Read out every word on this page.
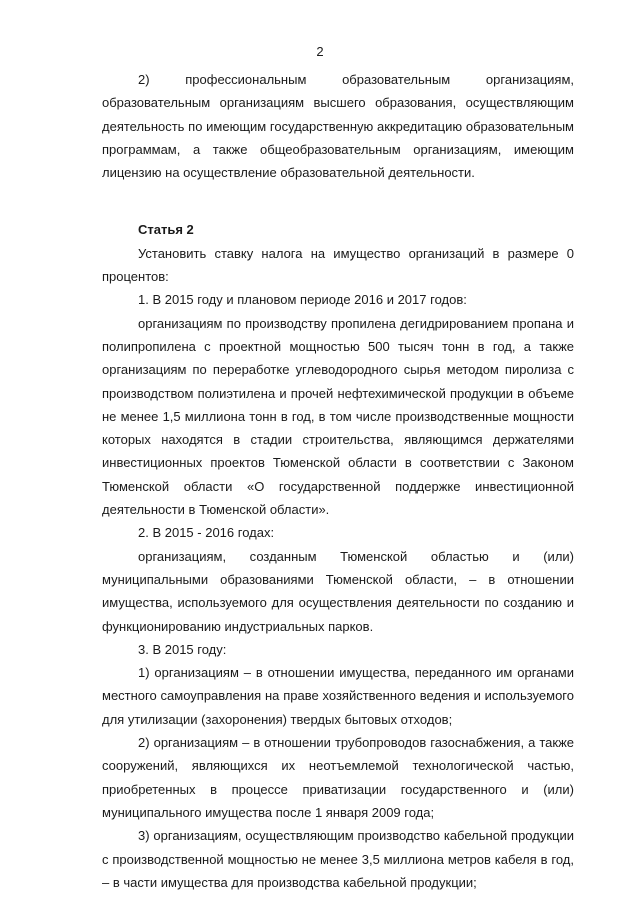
2

2) профессиональным образовательным организациям, образовательным организациям высшего образования, осуществляющим деятельность по имеющим государственную аккредитацию образовательным программам, а также общеобразовательным организациям, имеющим лицензию на осуществление образовательной деятельности.

Статья 2

Установить ставку налога на имущество организаций в размере 0 процентов:

1. В 2015 году и плановом периоде 2016 и 2017 годов:

организациям по производству пропилена дегидрированием пропана и полипропилена с проектной мощностью 500 тысяч тонн в год, а также организациям по переработке углеводородного сырья методом пиролиза с производством полиэтилена и прочей нефтехимической продукции в объеме не менее 1,5 миллиона тонн в год, в том числе производственные мощности которых находятся в стадии строительства, являющимся держателями инвестиционных проектов Тюменской области в соответствии с Законом Тюменской области «О государственной поддержке инвестиционной деятельности в Тюменской области».

2. В 2015 - 2016 годах:

организациям, созданным Тюменской областью и (или) муниципальными образованиями Тюменской области, – в отношении имущества, используемого для осуществления деятельности по созданию и функционированию индустриальных парков.

3. В 2015 году:

1) организациям – в отношении имущества, переданного им органами местного самоуправления на праве хозяйственного ведения и используемого для утилизации (захоронения) твердых бытовых отходов;

2) организациям – в отношении трубопроводов газоснабжения, а также сооружений, являющихся их неотъемлемой технологической частью, приобретенных в процессе приватизации государственного и (или) муниципального имущества после 1 января 2009 года;

3) организациям, осуществляющим производство кабельной продукции с производственной мощностью не менее 3,5 миллиона метров кабеля в год, – в части имущества для производства кабельной продукции;
